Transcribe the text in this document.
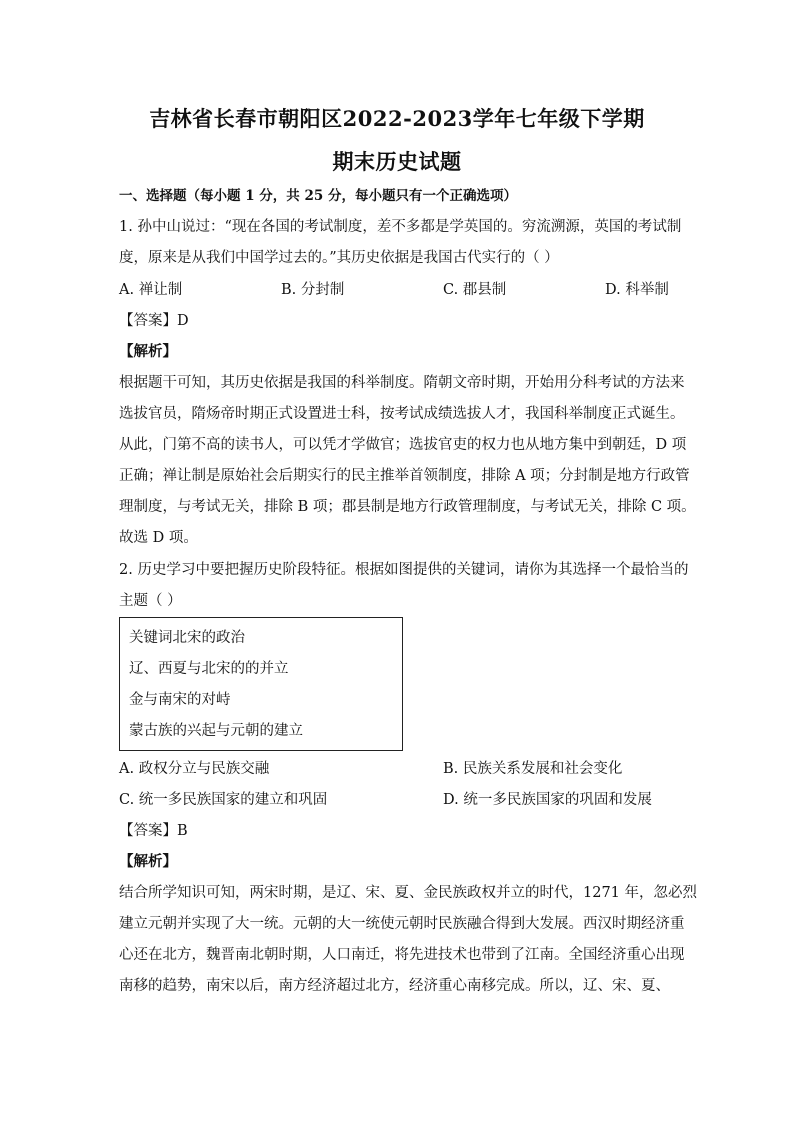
吉林省长春市朝阳区2022-2023学年七年级下学期
期末历史试题
一、选择题（每小题 1 分，共 25 分，每小题只有一个正确选项）
1. 孙中山说过：“现在各国的考试制度，差不多都是学英国的。穷流溯源，英国的考试制
度，原来是从我们中国学过去的。”其历史依据是我国古代实行的（ ）
A. 禅让制	B. 分封制	C. 郡县制	D. 科举制
【答案】D
【解析】
根据题干可知，其历史依据是我国的科举制度。隋朝文帝时期，开始用分科考试的方法来
选拔官员，隋炀帝时期正式设置进士科，按考试成绩选拔人才，我国科举制度正式诞生。
从此，门第不高的读书人，可以凭才学做官；选拔官吏的权力也从地方集中到朝廷，D 项
正确；禅让制是原始社会后期实行的民主推举首领制度，排除 A 项；分封制是地方行政管
理制度，与考试无关，排除 B 项；郡县制是地方行政管理制度，与考试无关，排除 C 项。
故选 D 项。
2. 历史学习中要把握历史阶段特征。根据如图提供的关键词，请你为其选择一个最恰当的
主题（ ）
关键词北宋的政治
辽、西夏与北宋的的并立
金与南宋的对峙
蒙古族的兴起与元朝的建立
A. 政权分立与民族交融	B. 民族关系发展和社会变化
C. 统一多民族国家的建立和巩固	D. 统一多民族国家的巩固和发展
【答案】B
【解析】
结合所学知识可知，两宋时期，是辽、宋、夏、金民族政权并立的时代，1271 年，忽必烈
建立元朝并实现了大一统。元朝的大一统使元朝时民族融合得到大发展。西汉时期经济重
心还在北方，魏晋南北朝时期，人口南迁，将先进技术也带到了江南。全国经济重心出现
南移的趋势，南宋以后，南方经济超过北方，经济重心南移完成。所以，辽、宋、夏、
